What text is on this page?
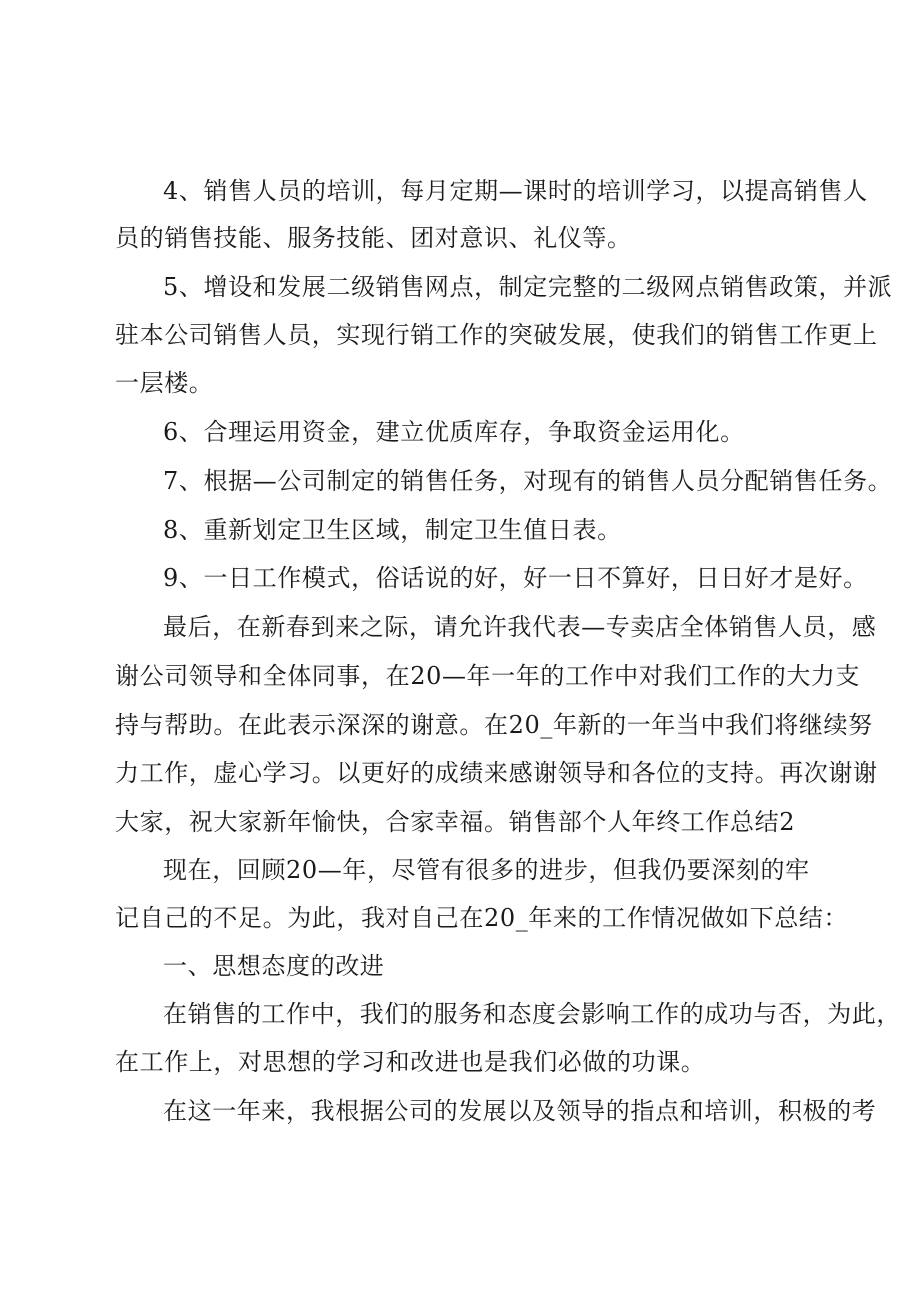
4、销售人员的培训，每月定期—课时的培训学习，以提高销售人

员的销售技能、服务技能、团对意识、礼仪等。

5、增设和发展二级销售网点，制定完整的二级网点销售政策，并派

驻本公司销售人员，实现行销工作的突破发展，使我们的销售工作更上

一层楼。

6、合理运用资金，建立优质库存，争取资金运用化。

7、根据—公司制定的销售任务，对现有的销售人员分配销售任务。

8、重新划定卫生区域，制定卫生值日表。

9、一日工作模式，俗话说的好，好一日不算好，日日好才是好。

最后，在新春到来之际，请允许我代表—专卖店全体销售人员，感

谢公司领导和全体同事，在20—年一年的工作中对我们工作的大力支

持与帮助。在此表示深深的谢意。在20_年新的一年当中我们将继续努

力工作，虚心学习。以更好的成绩来感谢领导和各位的支持。再次谢谢

大家，祝大家新年愉快，合家幸福。销售部个人年终工作总结2

现在，回顾20—年，尽管有很多的进步，但我仍要深刻的牢

记自己的不足。为此，我对自己在20_年来的工作情况做如下总结：

一、思想态度的改进

在销售的工作中，我们的服务和态度会影响工作的成功与否，为此，

在工作上，对思想的学习和改进也是我们必做的功课。

在这一年来，我根据公司的发展以及领导的指点和培训，积极的考
